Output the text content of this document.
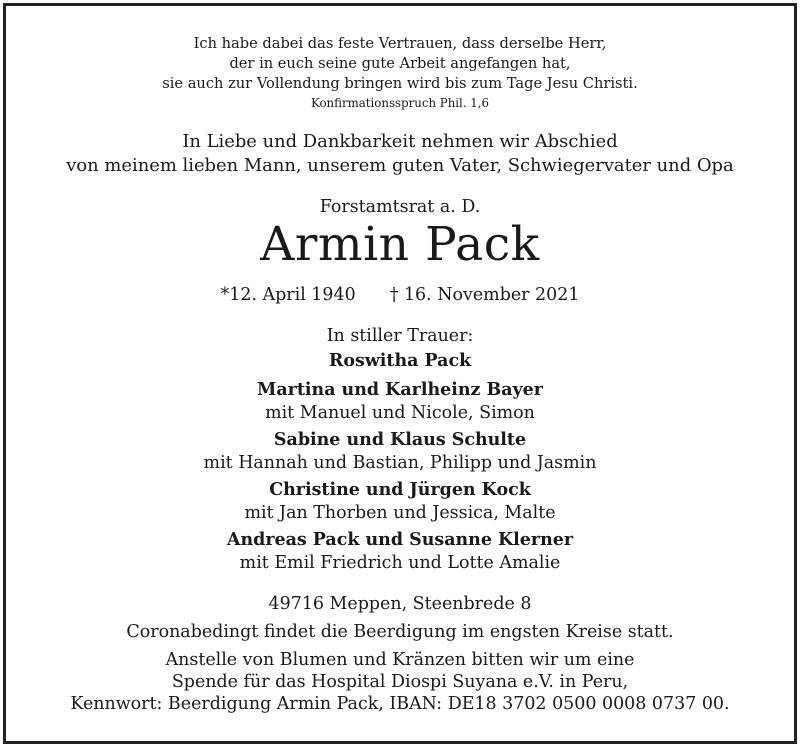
Ich habe dabei das feste Vertrauen, dass derselbe Herr,
der in euch seine gute Arbeit angefangen hat,
sie auch zur Vollendung bringen wird bis zum Tage Jesu Christi.
Konfirmationsspruch Phil. 1,6
In Liebe und Dankbarkeit nehmen wir Abschied
von meinem lieben Mann, unserem guten Vater, Schwiegervater und Opa
Forstamtsrat a. D.
Armin Pack
*12. April 1940 † 16. November 2021
In stiller Trauer:
Roswitha Pack
Martina und Karlheinz Bayer
mit Manuel und Nicole, Simon
Sabine und Klaus Schulte
mit Hannah und Bastian, Philipp und Jasmin
Christine und Jürgen Kock
mit Jan Thorben und Jessica, Malte
Andreas Pack und Susanne Klerner
mit Emil Friedrich und Lotte Amalie
49716 Meppen, Steenbrede 8
Coronabedingt findet die Beerdigung im engsten Kreise statt.
Anstelle von Blumen und Kränzen bitten wir um eine
Spende für das Hospital Diospi Suyana e.V. in Peru,
Kennwort: Beerdigung Armin Pack, IBAN: DE18 3702 0500 0008 0737 00.
